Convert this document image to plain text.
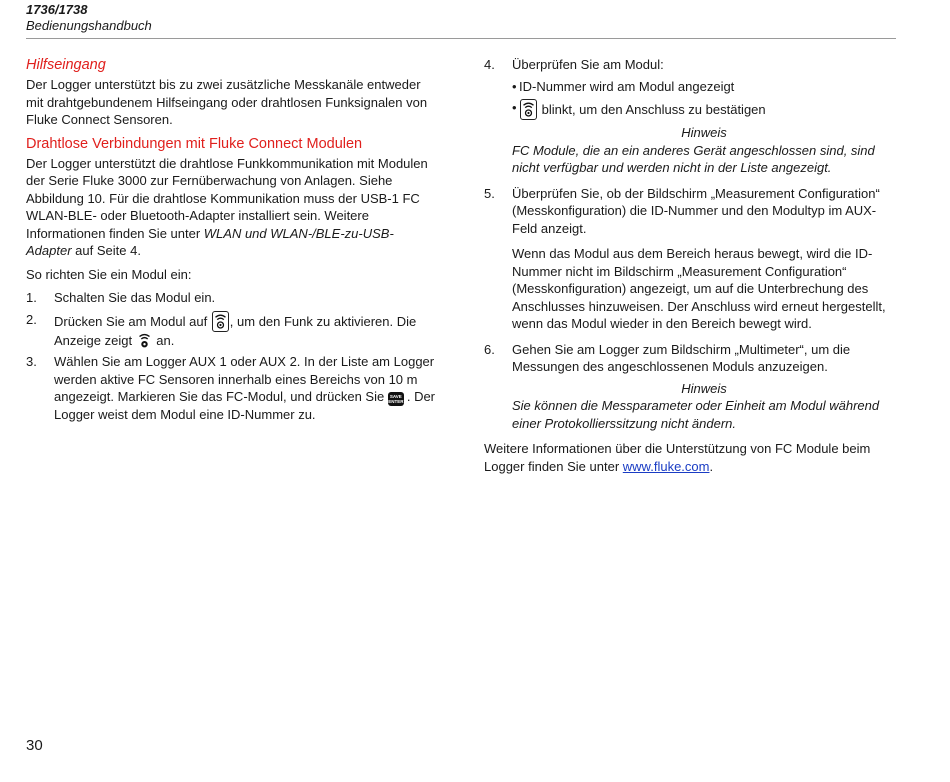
1736/1738
Bedienungshandbuch
Hilfseingang

Der Logger unterstützt bis zu zwei zusätzliche Messkanäle entweder mit drahtgebundenem Hilfseingang oder drahtlosen Funksignalen von Fluke Connect Sensoren.

Drahtlose Verbindungen mit Fluke Connect Modulen

Der Logger unterstützt die drahtlose Funkkommunikation mit Modulen der Serie Fluke 3000 zur Fernüberwachung von Anlagen. Siehe Abbildung 10. Für die drahtlose Kommunikation muss der USB-1 FC WLAN-BLE- oder Bluetooth-Adapter installiert sein. Weitere Informationen finden Sie unter WLAN und WLAN-/BLE-zu-USB-Adapter auf Seite 4.

So richten Sie ein Modul ein:

1. Schalten Sie das Modul ein.
2. Drücken Sie am Modul auf , um den Funk zu aktivieren. Die Anzeige zeigt  an.
3. Wählen Sie am Logger AUX 1 oder AUX 2. In der Liste am Logger werden aktive FC Sensoren innerhalb eines Bereichs von 10 m angezeigt. Markieren Sie das FC-Modul, und drücken Sie SAVE
ENTER . Der Logger weist dem Modul eine ID-Nummer zu.
4. Überprüfen Sie am Modul:
• ID-Nummer wird am Modul angezeigt
• blinkt, um den Anschluss zu bestätigen
Hinweis
FC Module, die an ein anderes Gerät angeschlossen sind, sind nicht verfügbar und werden nicht in der Liste angezeigt.
5. Überprüfen Sie, ob der Bildschirm „Measurement Configuration“ (Messkonfiguration) die ID-Nummer und den Modultyp im AUX-Feld anzeigt.

Wenn das Modul aus dem Bereich heraus bewegt, wird die ID-Nummer nicht im Bildschirm „Measurement Configuration“ (Messkonfiguration) angezeigt, um auf die Unterbrechung des Anschlusses hinzuweisen. Der Anschluss wird erneut hergestellt, wenn das Modul wieder in den Bereich bewegt wird.

6. Gehen Sie am Logger zum Bildschirm „Multimeter“, um die Messungen des angeschlossenen Moduls anzuzeigen.
Hinweis
Sie können die Messparameter oder Einheit am Modul während einer Protokollierssitzung nicht ändern.

Weitere Informationen über die Unterstützung von FC Module beim Logger finden Sie unter www.fluke.com.

30
